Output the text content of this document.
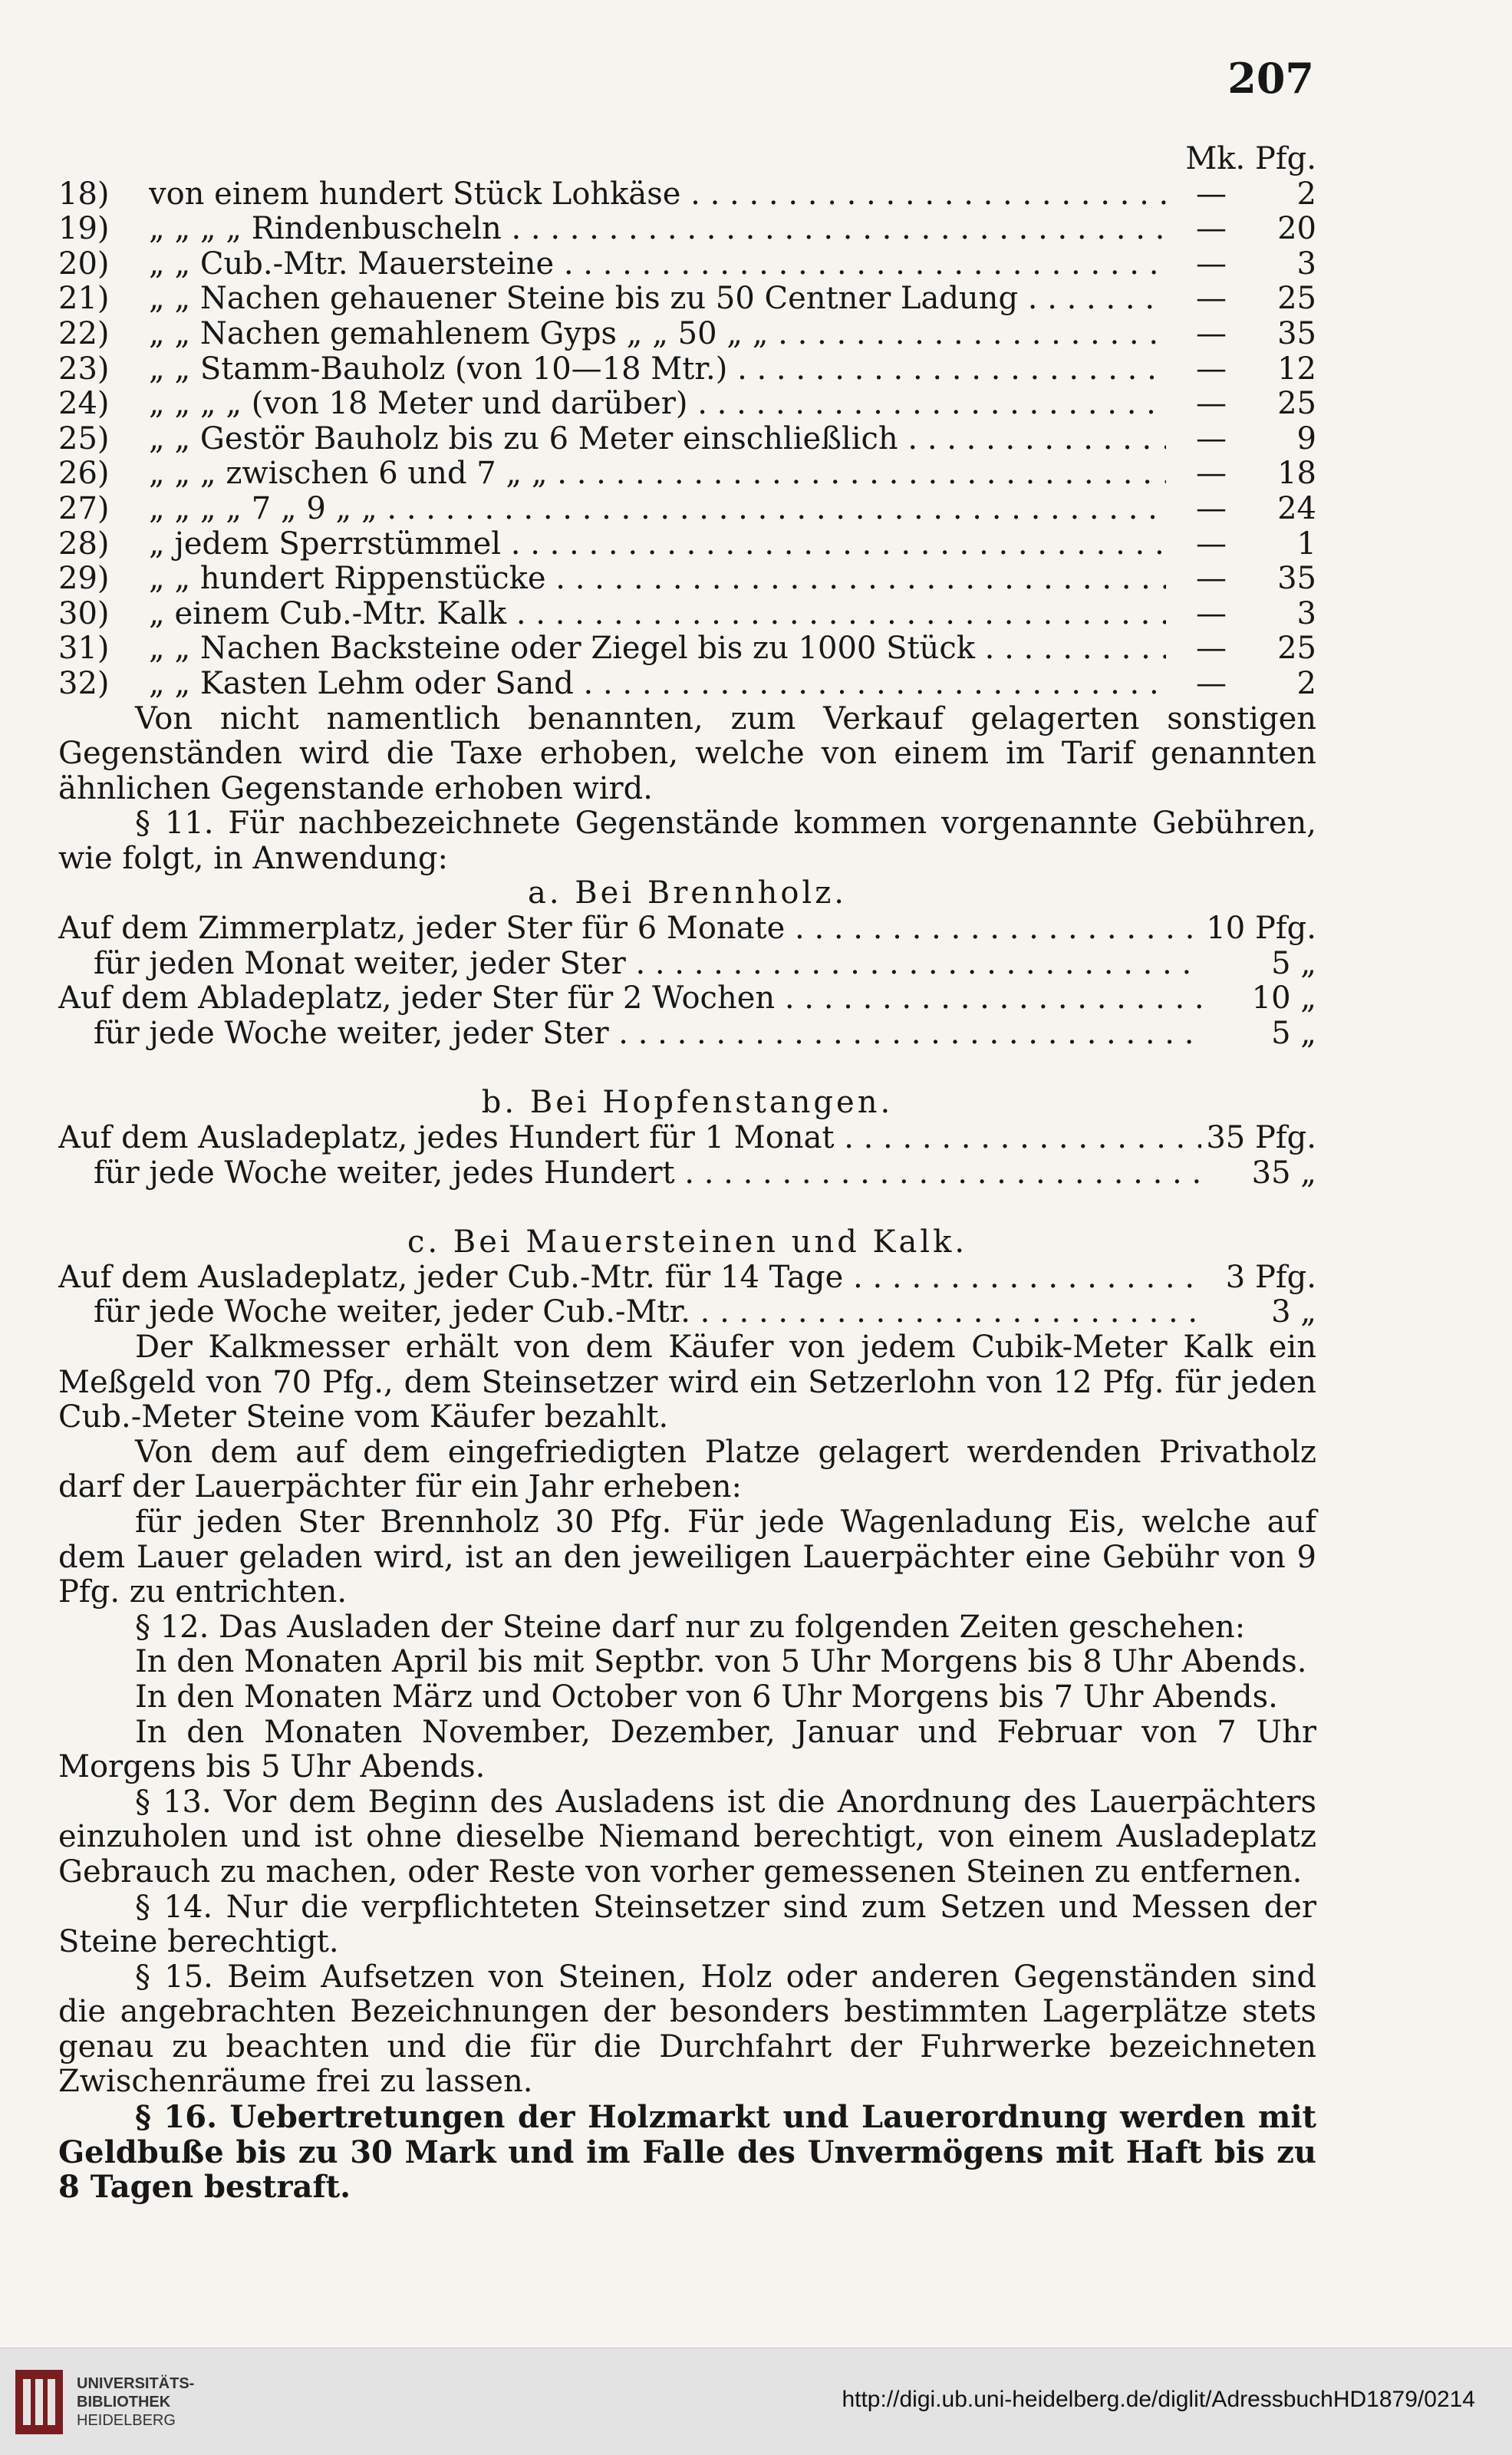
207
Mk. Pfg.
18)	von einem hundert Stück Lohkäse . . .	—	2
19)	„ „ „ „ Rindenbuscheln . . .	—	20
20)	„ „ Cub.-Mtr. Mauersteine . . .	—	3
21)	„ „ Nachen gehauener Steine bis zu 50 Centner Ladung . . .	—	25
22)	„ „ Nachen gemahlenem Gyps „ „ 50 „ „ . . .	—	35
23)	„ „ Stamm-Bauholz (von 10—18 Mtr.) . . .	—	12
24)	„ „ „ „ (von 18 Meter und darüber) . . .	—	25
25)	„ „ Gestör Bauholz bis zu 6 Meter einschließlich . . .	—	9
26)	„ „ „ zwischen 6 und 7 „ „ . . .	—	18
27)	„ „ „ „ 7 „ 9 „ „ . . .	—	24
28)	„ jedem Sperrstümmel . . .	—	1
29)	„ „ hundert Rippenstücke . . .	—	35
30)	„ einem Cub.-Mtr. Kalk . . .	—	3
31)	„ „ Nachen Backsteine oder Ziegel bis zu 1000 Stück . . .	—	25
32)	„ „ Kasten Lehm oder Sand . . .	—	2

Von nicht namentlich benannten, zum Verkauf gelagerten sonstigen Gegenständen wird die Taxe erhoben, welche von einem im Tarif genannten ähnlichen Gegenstande erhoben wird.

§ 11. Für nachbezeichnete Gegenstände kommen vorgenannte Gebühren, wie folgt, in Anwendung:

a. Bei Brennholz.
Auf dem Zimmerplatz, jeder Ster für 6 Monate . . .	10 Pfg.
für jeden Monat weiter, jeder Ster . . .	5 „
Auf dem Abladeplatz, jeder Ster für 2 Wochen . . .	10 „
für jede Woche weiter, jeder Ster . . .	5 „
b. Bei Hopfenstangen.
Auf dem Ausladeplatz, jedes Hundert für 1 Monat . . .	35 Pfg.
für jede Woche weiter, jedes Hundert . . .	35 „
c. Bei Mauersteinen und Kalk.
Auf dem Ausladeplatz, jeder Cub.-Mtr. für 14 Tage . . .	3 Pfg.
für jede Woche weiter, jeder Cub.-Mtr. . . .	3 „

Der Kalkmesser erhält von dem Käufer von jedem Cubik-Meter Kalk ein Meßgeld von 70 Pfg., dem Steinsetzer wird ein Setzerlohn von 12 Pfg. für jeden Cub.-Meter Steine vom Käufer bezahlt.

Von dem auf dem eingefriedigten Platze gelagert werdenden Privatholz darf der Lauerpächter für ein Jahr erheben:

für jeden Ster Brennholz 30 Pfg. Für jede Wagenladung Eis, welche auf dem Lauer geladen wird, ist an den jeweiligen Lauerpächter eine Gebühr von 9 Pfg. zu entrichten.

§ 12. Das Ausladen der Steine darf nur zu folgenden Zeiten geschehen:

In den Monaten April bis mit Septbr. von 5 Uhr Morgens bis 8 Uhr Abends.

In den Monaten März und October von 6 Uhr Morgens bis 7 Uhr Abends.

In den Monaten November, Dezember, Januar und Februar von 7 Uhr Morgens bis 5 Uhr Abends.

§ 13. Vor dem Beginn des Ausladens ist die Anordnung des Lauerpächters einzuholen und ist ohne dieselbe Niemand berechtigt, von einem Ausladeplatz Gebrauch zu machen, oder Reste von vorher gemessenen Steinen zu entfernen.

§ 14. Nur die verpflichteten Steinsetzer sind zum Setzen und Messen der Steine berechtigt.

§ 15. Beim Aufsetzen von Steinen, Holz oder anderen Gegenständen sind die angebrachten Bezeichnungen der besonders bestimmten Lagerplätze stets genau zu beachten und die für die Durchfahrt der Fuhrwerke bezeichneten Zwischenräume frei zu lassen.

§ 16. Uebertretungen der Holzmarkt und Lauerordnung werden mit Geldbuße bis zu 30 Mark und im Falle des Unvermögens mit Haft bis zu 8 Tagen bestraft.

UNIVERSITÄTS-
BIBLIOTHEK
HEIDELBERG
http://digi.ub.uni-heidelberg.de/diglit/AdressbuchHD1879/0214
